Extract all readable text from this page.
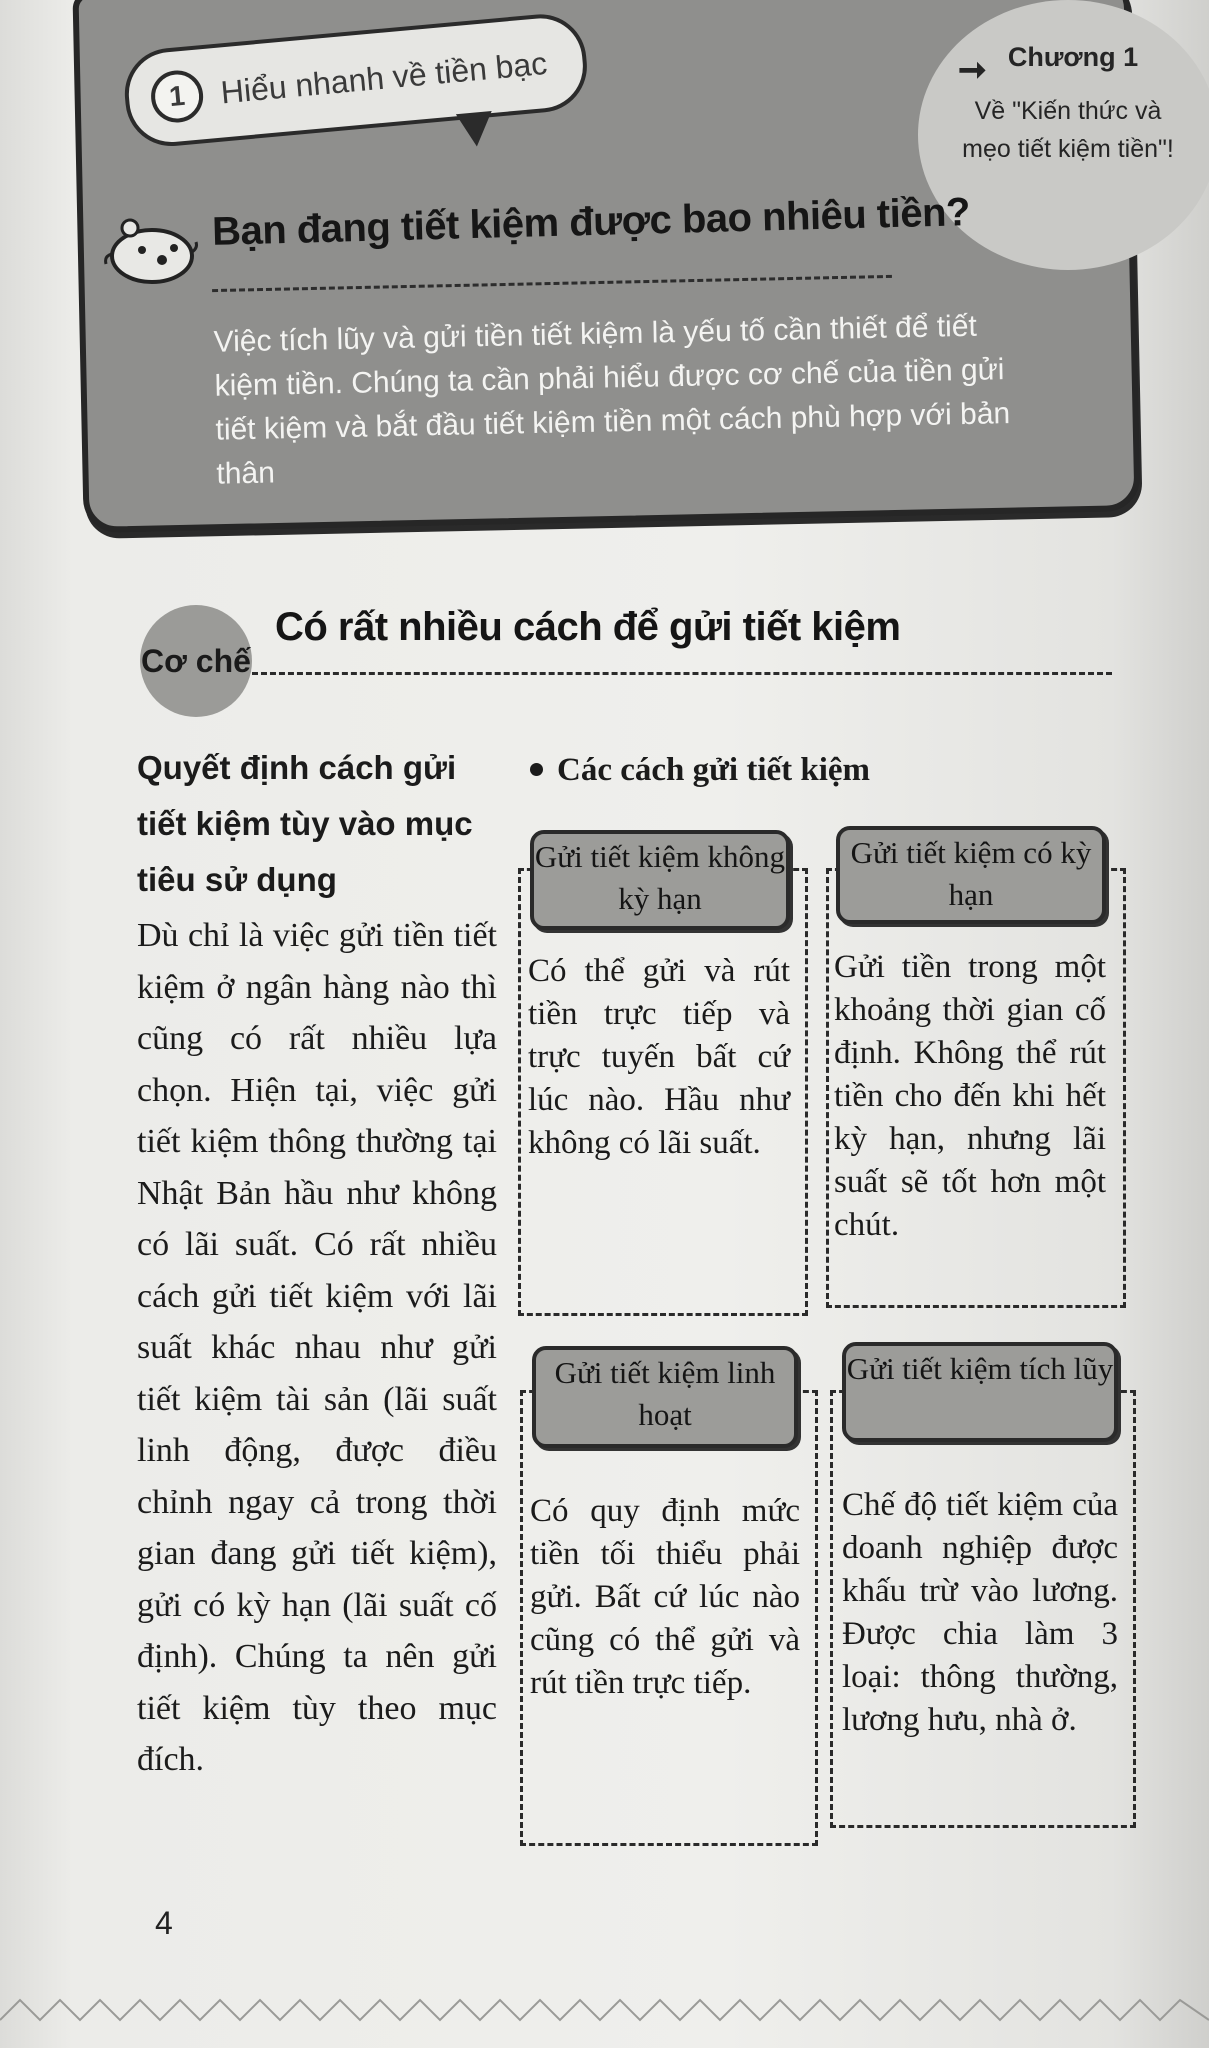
1	Hiểu nhanh về tiền bạc	➞ Chương 1
Về "Kiến thức và mẹo tiết kiệm tiền"!
Bạn đang tiết kiệm được bao nhiêu tiền?
Việc tích lũy và gửi tiền tiết kiệm là yếu tố cần thiết để tiết kiệm tiền. Chúng ta cần phải hiểu được cơ chế của tiền gửi tiết kiệm và bắt đầu tiết kiệm tiền một cách phù hợp với bản thân
Cơ chế
Có rất nhiều cách để gửi tiết kiệm
Quyết định cách gửi tiết kiệm tùy vào mục tiêu sử dụng
Dù chỉ là việc gửi tiền tiết kiệm ở ngân hàng nào thì cũng có rất nhiều lựa chọn. Hiện tại, việc gửi tiết kiệm thông thường tại Nhật Bản hầu như không có lãi suất. Có rất nhiều cách gửi tiết kiệm với lãi suất khác nhau như gửi tiết kiệm tài sản (lãi suất linh động, được điều chỉnh ngay cả trong thời gian đang gửi tiết kiệm), gửi có kỳ hạn (lãi suất cố định). Chúng ta nên gửi tiết kiệm tùy theo mục đích.
Các cách gửi tiết kiệm
Gửi tiết kiệm không kỳ hạn
Có thể gửi và rút tiền trực tiếp và trực tuyến bất cứ lúc nào. Hầu như không có lãi suất.
Gửi tiết kiệm có kỳ hạn
Gửi tiền trong một khoảng thời gian cố định. Không thể rút tiền cho đến khi hết kỳ hạn, nhưng lãi suất sẽ tốt hơn một chút.
Gửi tiết kiệm linh hoạt
Có quy định mức tiền tối thiểu phải gửi. Bất cứ lúc nào cũng có thể gửi và rút tiền trực tiếp.
Gửi tiết kiệm tích lũy
Chế độ tiết kiệm của doanh nghiệp được khấu trừ vào lương. Được chia làm 3 loại: thông thường, lương hưu, nhà ở.
4
